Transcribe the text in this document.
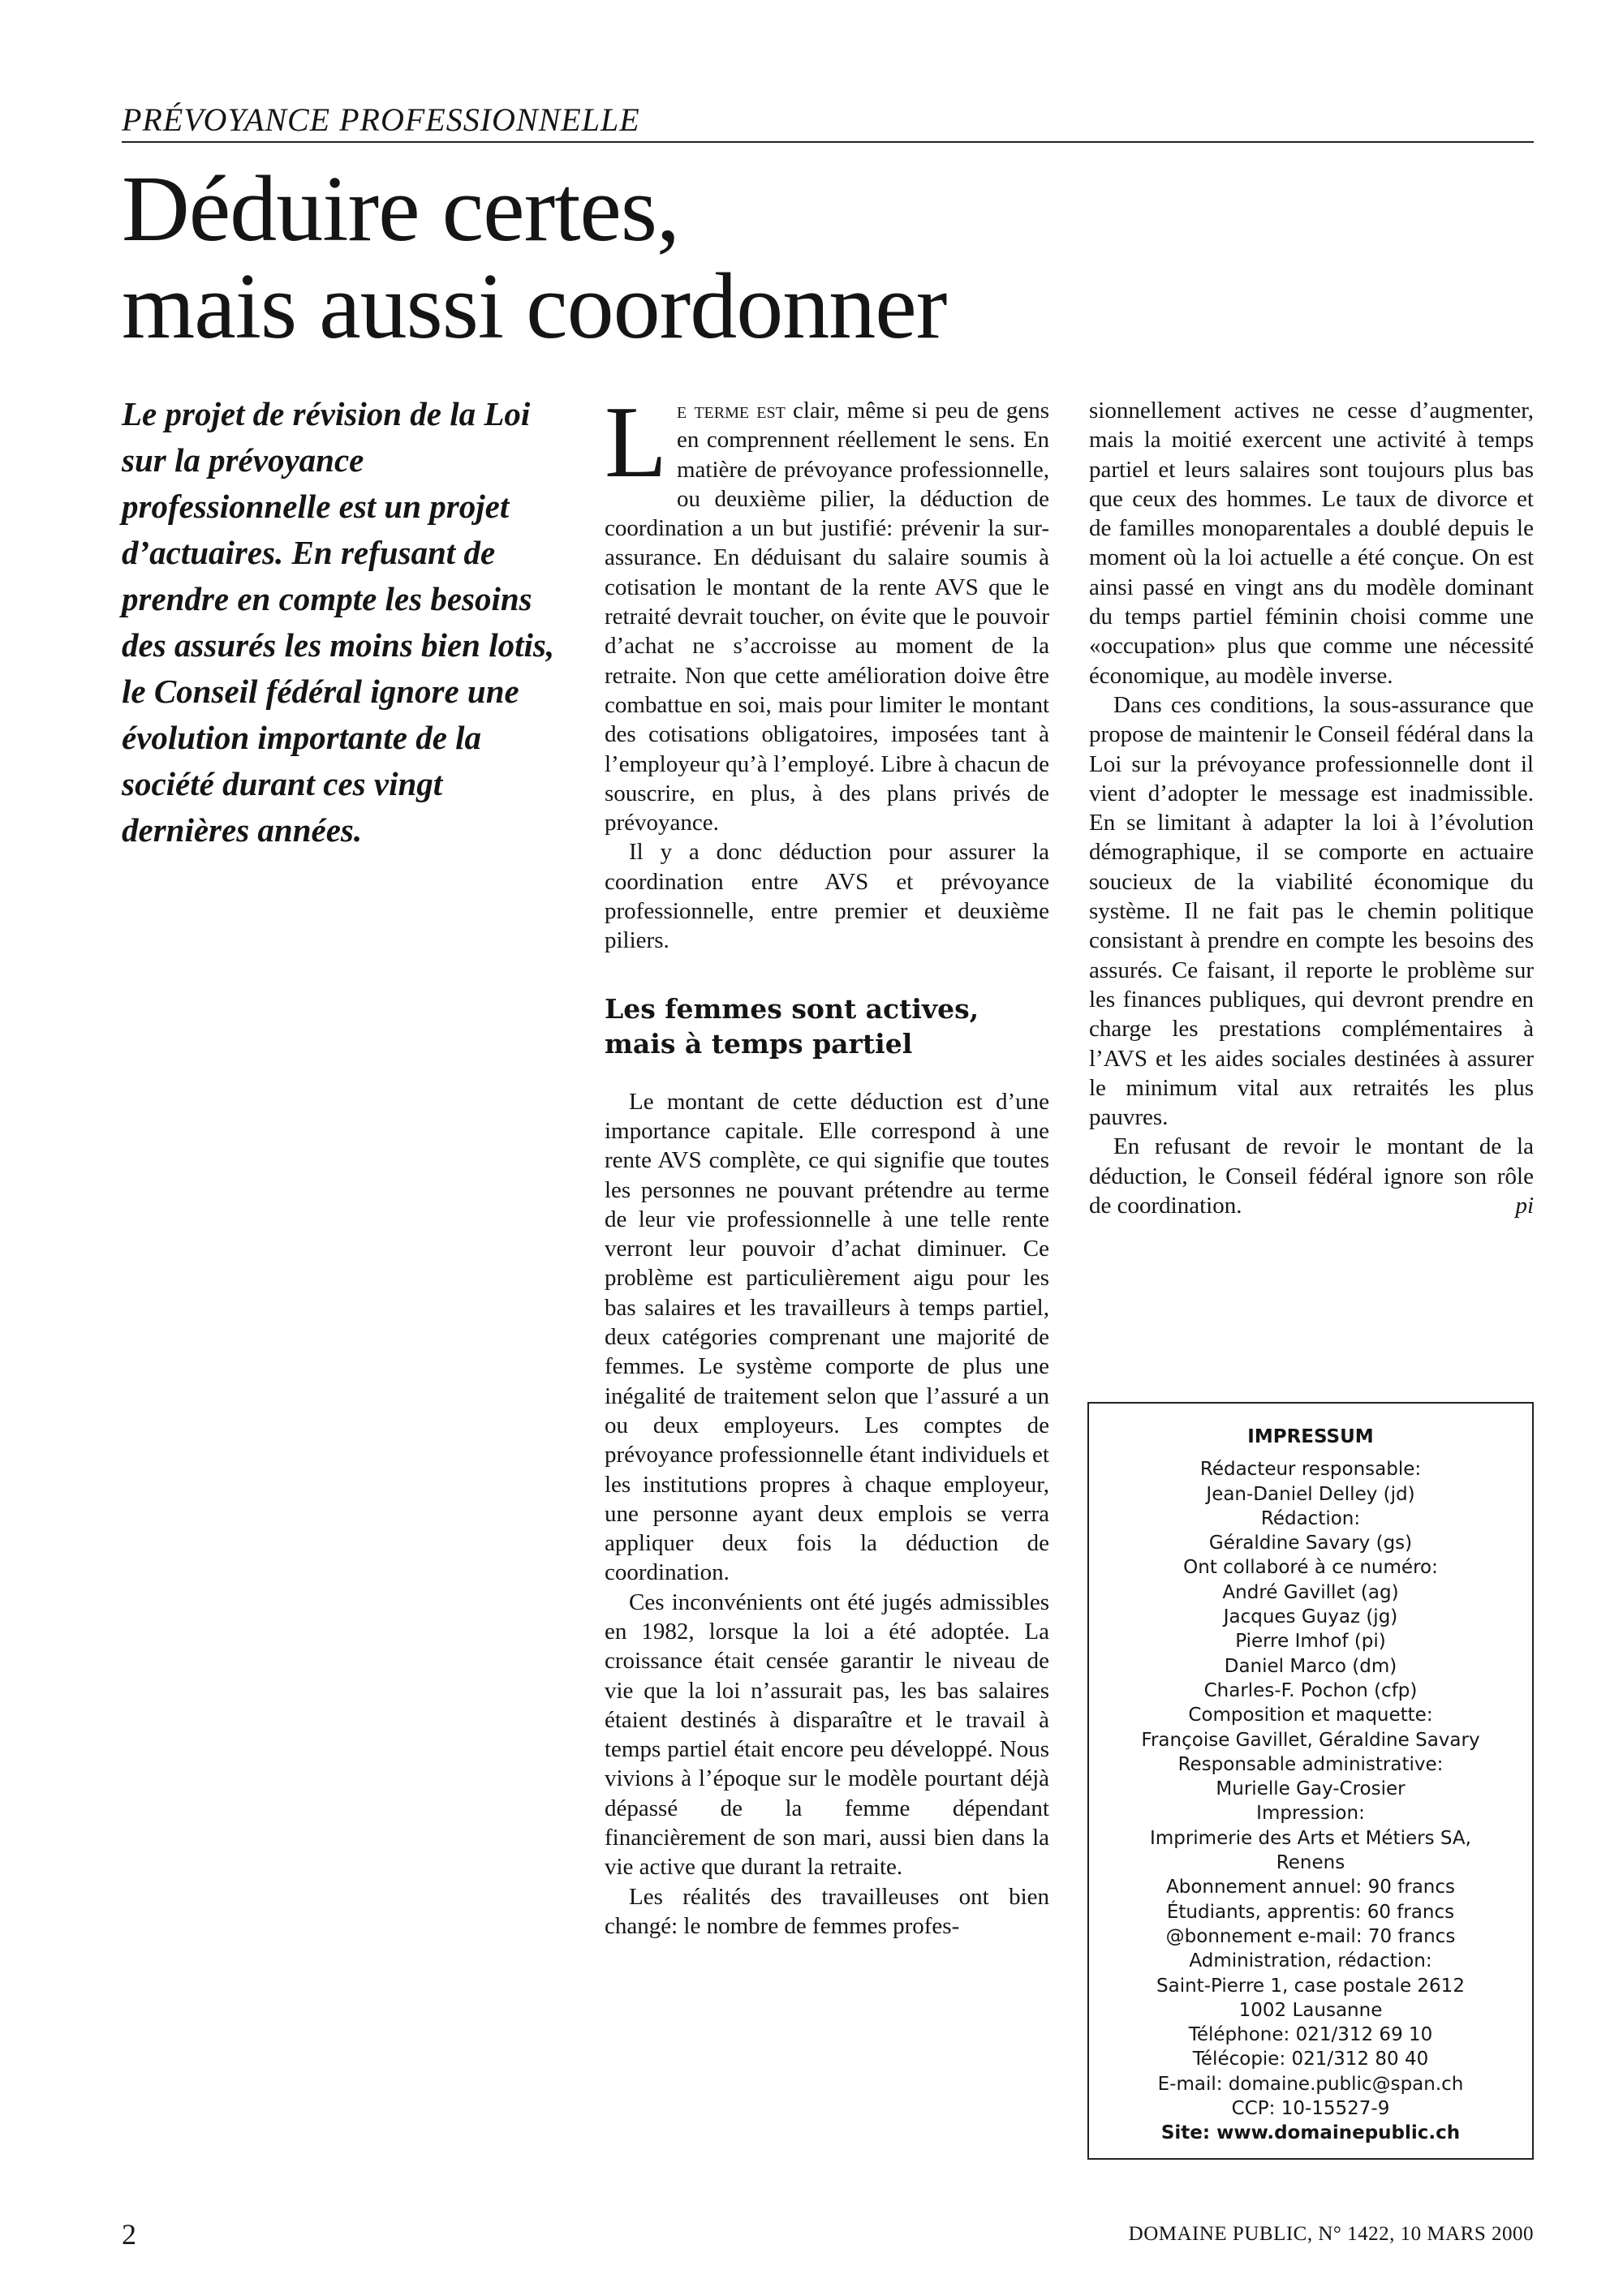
PRÉVOYANCE PROFESSIONNELLE
Déduire certes,
mais aussi coordonner

Le projet de révision de la Loi sur la prévoyance professionnelle est un projet d’actuaires. En refusant de prendre en compte les besoins des assurés les moins bien lotis, le Conseil fédéral ignore une évolution importante de la société durant ces vingt dernières années.

Le terme est clair, même si peu de gens en comprennent réellement le sens. En matière de prévoyance professionnelle, ou deuxième pilier, la déduction de coordination a un but justifié: prévenir la sur-assurance. En déduisant du salaire soumis à cotisation le montant de la rente AVS que le retraité devrait toucher, on évite que le pouvoir d’achat ne s’accroisse au moment de la retraite. Non que cette amélioration doive être combattue en soi, mais pour limiter le montant des cotisations obligatoires, imposées tant à l’employeur qu’à l’employé. Libre à chacun de souscrire, en plus, à des plans privés de prévoyance.

Il y a donc déduction pour assurer la coordination entre AVS et prévoyance professionnelle, entre premier et deuxième piliers.

Les femmes sont actives,
mais à temps partiel

Le montant de cette déduction est d’une importance capitale. Elle correspond à une rente AVS complète, ce qui signifie que toutes les personnes ne pouvant prétendre au terme de leur vie professionnelle à une telle rente verront leur pouvoir d’achat diminuer. Ce problème est particulièrement aigu pour les bas salaires et les travailleurs à temps partiel, deux catégories comprenant une majorité de femmes. Le système comporte de plus une inégalité de traitement selon que l’assuré a un ou deux employeurs. Les comptes de prévoyance professionnelle étant individuels et les institutions propres à chaque employeur, une personne ayant deux emplois se verra appliquer deux fois la déduction de coordination.

Ces inconvénients ont été jugés admissibles en 1982, lorsque la loi a été adoptée. La croissance était censée garantir le niveau de vie que la loi n’assurait pas, les bas salaires étaient destinés à disparaître et le travail à temps partiel était encore peu développé. Nous vivions à l’époque sur le modèle pourtant déjà dépassé de la femme dépendant financièrement de son mari, aussi bien dans la vie active que durant la retraite.

Les réalités des travailleuses ont bien changé: le nombre de femmes profes-

sionnellement actives ne cesse d’augmenter, mais la moitié exercent une activité à temps partiel et leurs salaires sont toujours plus bas que ceux des hommes. Le taux de divorce et de familles monoparentales a doublé depuis le moment où la loi actuelle a été conçue. On est ainsi passé en vingt ans du modèle dominant du temps partiel féminin choisi comme une «occupation» plus que comme une nécessité économique, au modèle inverse.

Dans ces conditions, la sous-assurance que propose de maintenir le Conseil fédéral dans la Loi sur la prévoyance professionnelle dont il vient d’adopter le message est inadmissible. En se limitant à adapter la loi à l’évolution démographique, il se comporte en actuaire soucieux de la viabilité économique du système. Il ne fait pas le chemin politique consistant à prendre en compte les besoins des assurés. Ce faisant, il reporte le problème sur les finances publiques, qui devront prendre en charge les prestations complémentaires à l’AVS et les aides sociales destinées à assurer le minimum vital aux retraités les plus pauvres.

En refusant de revoir le montant de la déduction, le Conseil fédéral ignore son rôle de coordination.	pi

IMPRESSUM
Rédacteur responsable:
Jean-Daniel Delley (jd)
Rédaction:
Géraldine Savary (gs)
Ont collaboré à ce numéro:
André Gavillet (ag)
Jacques Guyaz (jg)
Pierre Imhof (pi)
Daniel Marco (dm)
Charles-F. Pochon (cfp)
Composition et maquette:
Françoise Gavillet, Géraldine Savary
Responsable administrative:
Murielle Gay-Crosier
Impression:
Imprimerie des Arts et Métiers SA,
Renens
Abonnement annuel: 90 francs
Étudiants, apprentis: 60 francs
@bonnement e-mail: 70 francs
Administration, rédaction:
Saint-Pierre 1, case postale 2612
1002 Lausanne
Téléphone: 021/312 69 10
Télécopie: 021/312 80 40
E-mail: domaine.public@span.ch
CCP: 10-15527-9
Site: www.domainepublic.ch
2	DOMAINE PUBLIC, N° 1422, 10 MARS 2000
